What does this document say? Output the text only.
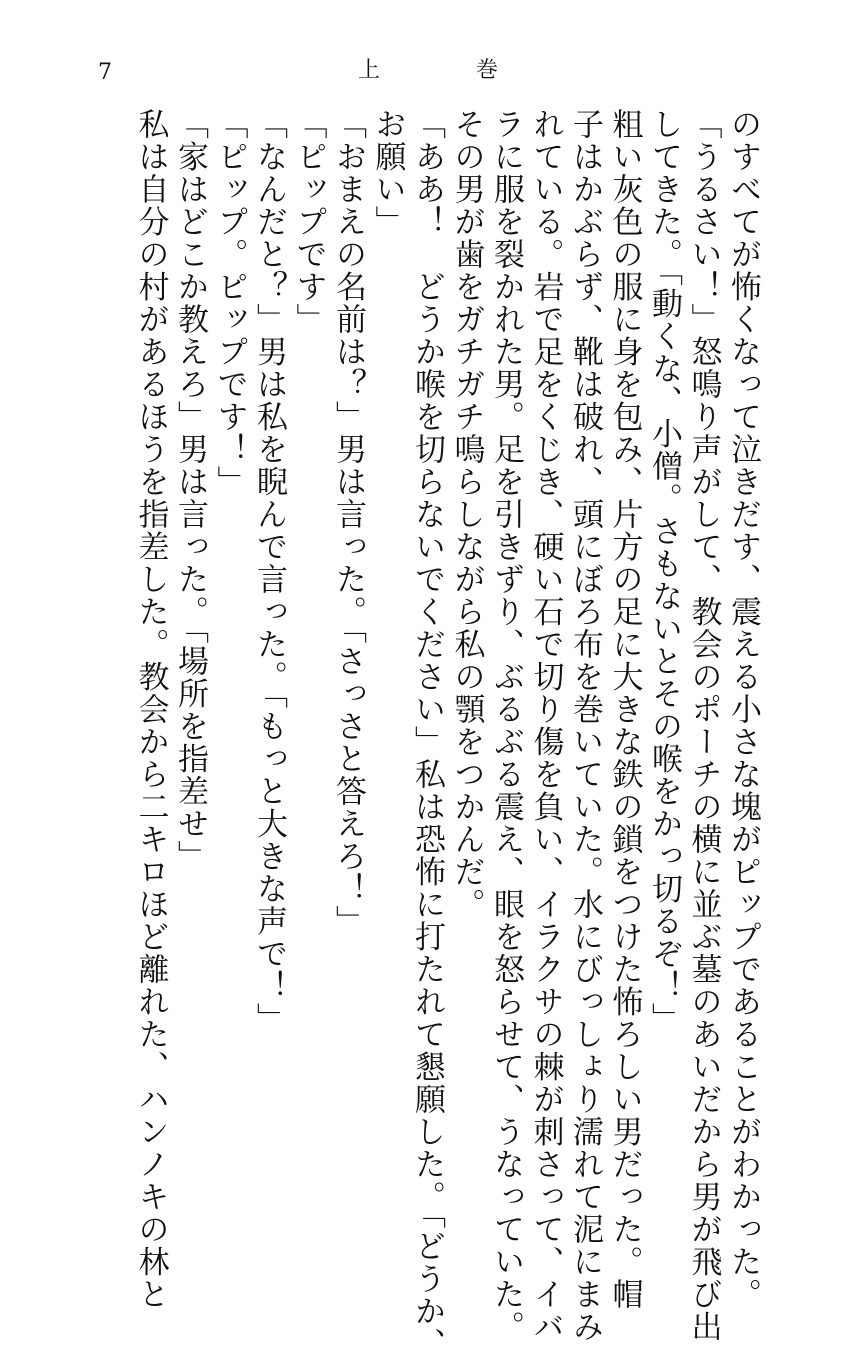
7	上	巻
のすべてが怖くなって泣きだす、震える小さな塊がピップであることがわかった。
「うるさい！」怒鳴り声がして、教会のポーチの横に並ぶ墓のあいだから男が飛び出
してきた。「動くな、小僧。さもないとその喉をかっ切るぞ！」
粗い灰色の服に身を包み、片方の足に大きな鉄の鎖をつけた怖ろしい男だった。帽
子はかぶらず、靴は破れ、頭にぼろ布を巻いていた。水にびっしょり濡れて泥にまみ
れている。岩で足をくじき、硬い石で切り傷を負い、イラクサの棘が刺さって、イバ
ラに服を裂かれた男。足を引きずり、ぶるぶる震え、眼を怒らせて、うなっていた。
その男が歯をガチガチ鳴らしながら私の顎をつかんだ。
「ああ！　どうか喉を切らないでください」私は恐怖に打たれて懇願した。「どうか、
お願い」
「おまえの名前は？」男は言った。「さっさと答えろ！」
「ピップです」
「なんだと？」男は私を睨んで言った。「もっと大きな声で！」
「ピップ。ピップです！」
「家はどこか教えろ」男は言った。「場所を指差せ」
私は自分の村があるほうを指差した。教会から二キロほど離れた、ハンノキの林と
